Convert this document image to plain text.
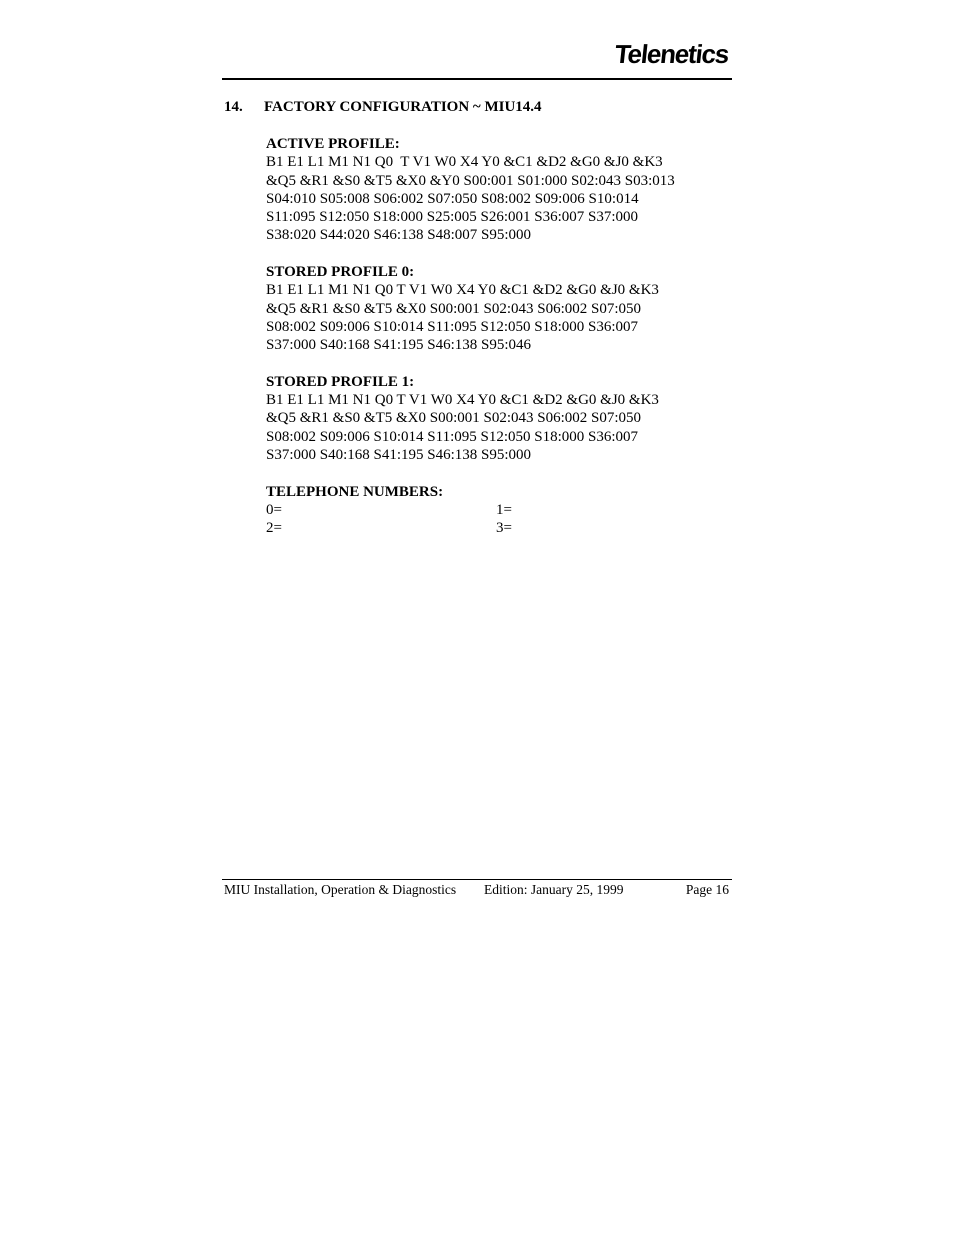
Telenetics
14. FACTORY CONFIGURATION ~ MIU14.4
ACTIVE PROFILE:
B1 E1 L1 M1 N1 Q0  T V1 W0 X4 Y0 &C1 &D2 &G0 &J0 &K3
&Q5 &R1 &S0 &T5 &X0 &Y0 S00:001 S01:000 S02:043 S03:013
S04:010 S05:008 S06:002 S07:050 S08:002 S09:006 S10:014
S11:095 S12:050 S18:000 S25:005 S26:001 S36:007 S37:000
S38:020 S44:020 S46:138 S48:007 S95:000
STORED PROFILE 0:
B1 E1 L1 M1 N1 Q0 T V1 W0 X4 Y0 &C1 &D2 &G0 &J0 &K3
&Q5 &R1 &S0 &T5 &X0 S00:001 S02:043 S06:002 S07:050
S08:002 S09:006 S10:014 S11:095 S12:050 S18:000 S36:007
S37:000 S40:168 S41:195 S46:138 S95:046
STORED PROFILE 1:
B1 E1 L1 M1 N1 Q0 T V1 W0 X4 Y0 &C1 &D2 &G0 &J0 &K3
&Q5 &R1 &S0 &T5 &X0 S00:001 S02:043 S06:002 S07:050
S08:002 S09:006 S10:014 S11:095 S12:050 S18:000 S36:007
S37:000 S40:168 S41:195 S46:138 S95:000
TELEPHONE NUMBERS:
0=	1=
2=	3=
MIU Installation, Operation & Diagnostics Edition: January 25, 1999	Page 16
